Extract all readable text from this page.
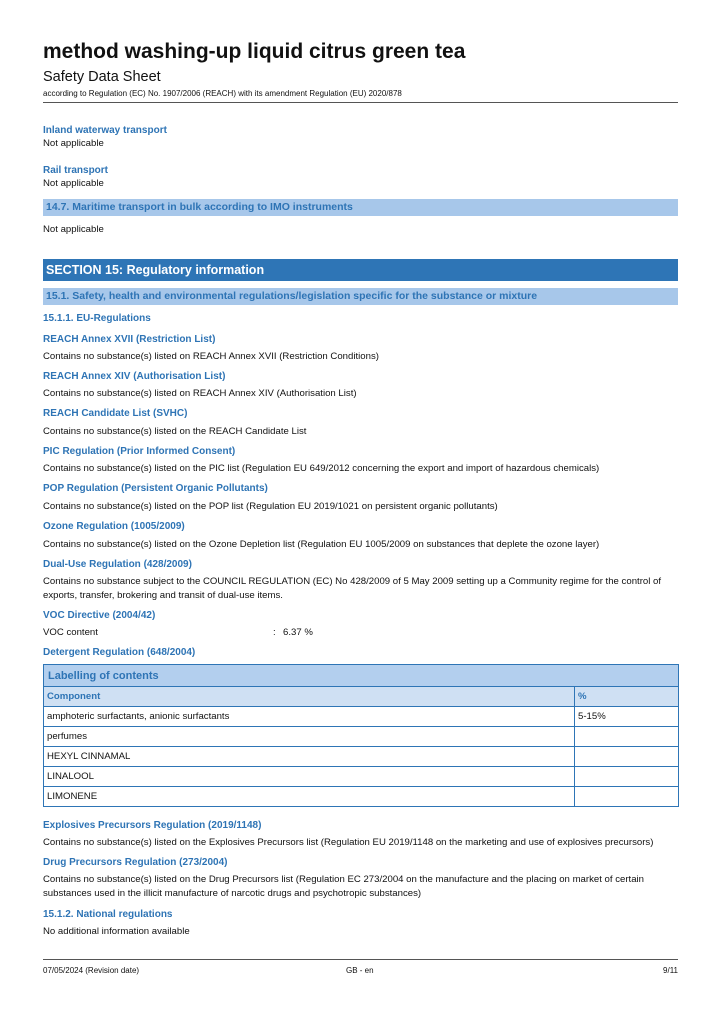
method washing-up liquid citrus green tea
Safety Data Sheet
according to Regulation (EC) No. 1907/2006 (REACH) with its amendment Regulation (EU) 2020/878
Inland waterway transport
Not applicable
Rail transport
Not applicable
14.7. Maritime transport in bulk according to IMO instruments
Not applicable
SECTION 15: Regulatory information
15.1. Safety, health and environmental regulations/legislation specific for the substance or mixture
15.1.1. EU-Regulations
REACH Annex XVII (Restriction List)
Contains no substance(s) listed on REACH Annex XVII (Restriction Conditions)
REACH Annex XIV (Authorisation List)
Contains no substance(s) listed on REACH Annex XIV (Authorisation List)
REACH Candidate List (SVHC)
Contains no substance(s) listed on the REACH Candidate List
PIC Regulation (Prior Informed Consent)
Contains no substance(s) listed on the PIC list (Regulation EU 649/2012 concerning the export and import of hazardous chemicals)
POP Regulation (Persistent Organic Pollutants)
Contains no substance(s) listed on the POP list (Regulation EU 2019/1021 on persistent organic pollutants)
Ozone Regulation (1005/2009)
Contains no substance(s) listed on the Ozone Depletion list (Regulation EU 1005/2009 on substances that deplete the ozone layer)
Dual-Use Regulation (428/2009)
Contains no substance subject to the COUNCIL REGULATION (EC) No 428/2009 of 5 May 2009 setting up a Community regime for the control of exports, transfer, brokering and transit of dual-use items.
VOC Directive (2004/42)
VOC content	: 6.37 %
Detergent Regulation (648/2004)
Labelling of contents	
Component	%
amphoteric surfactants, anionic surfactants	5-15%
perfumes	
HEXYL CINNAMAL	
LINALOOL	
LIMONENE	
Explosives Precursors Regulation (2019/1148)
Contains no substance(s) listed on the Explosives Precursors list (Regulation EU 2019/1148 on the marketing and use of explosives precursors)
Drug Precursors Regulation (273/2004)
Contains no substance(s) listed on the Drug Precursors list (Regulation EC 273/2004 on the manufacture and the placing on market of certain substances used in the illicit manufacture of narcotic drugs and psychotropic substances)
15.1.2. National regulations
No additional information available
07/05/2024 (Revision date)	GB - en	9/11
